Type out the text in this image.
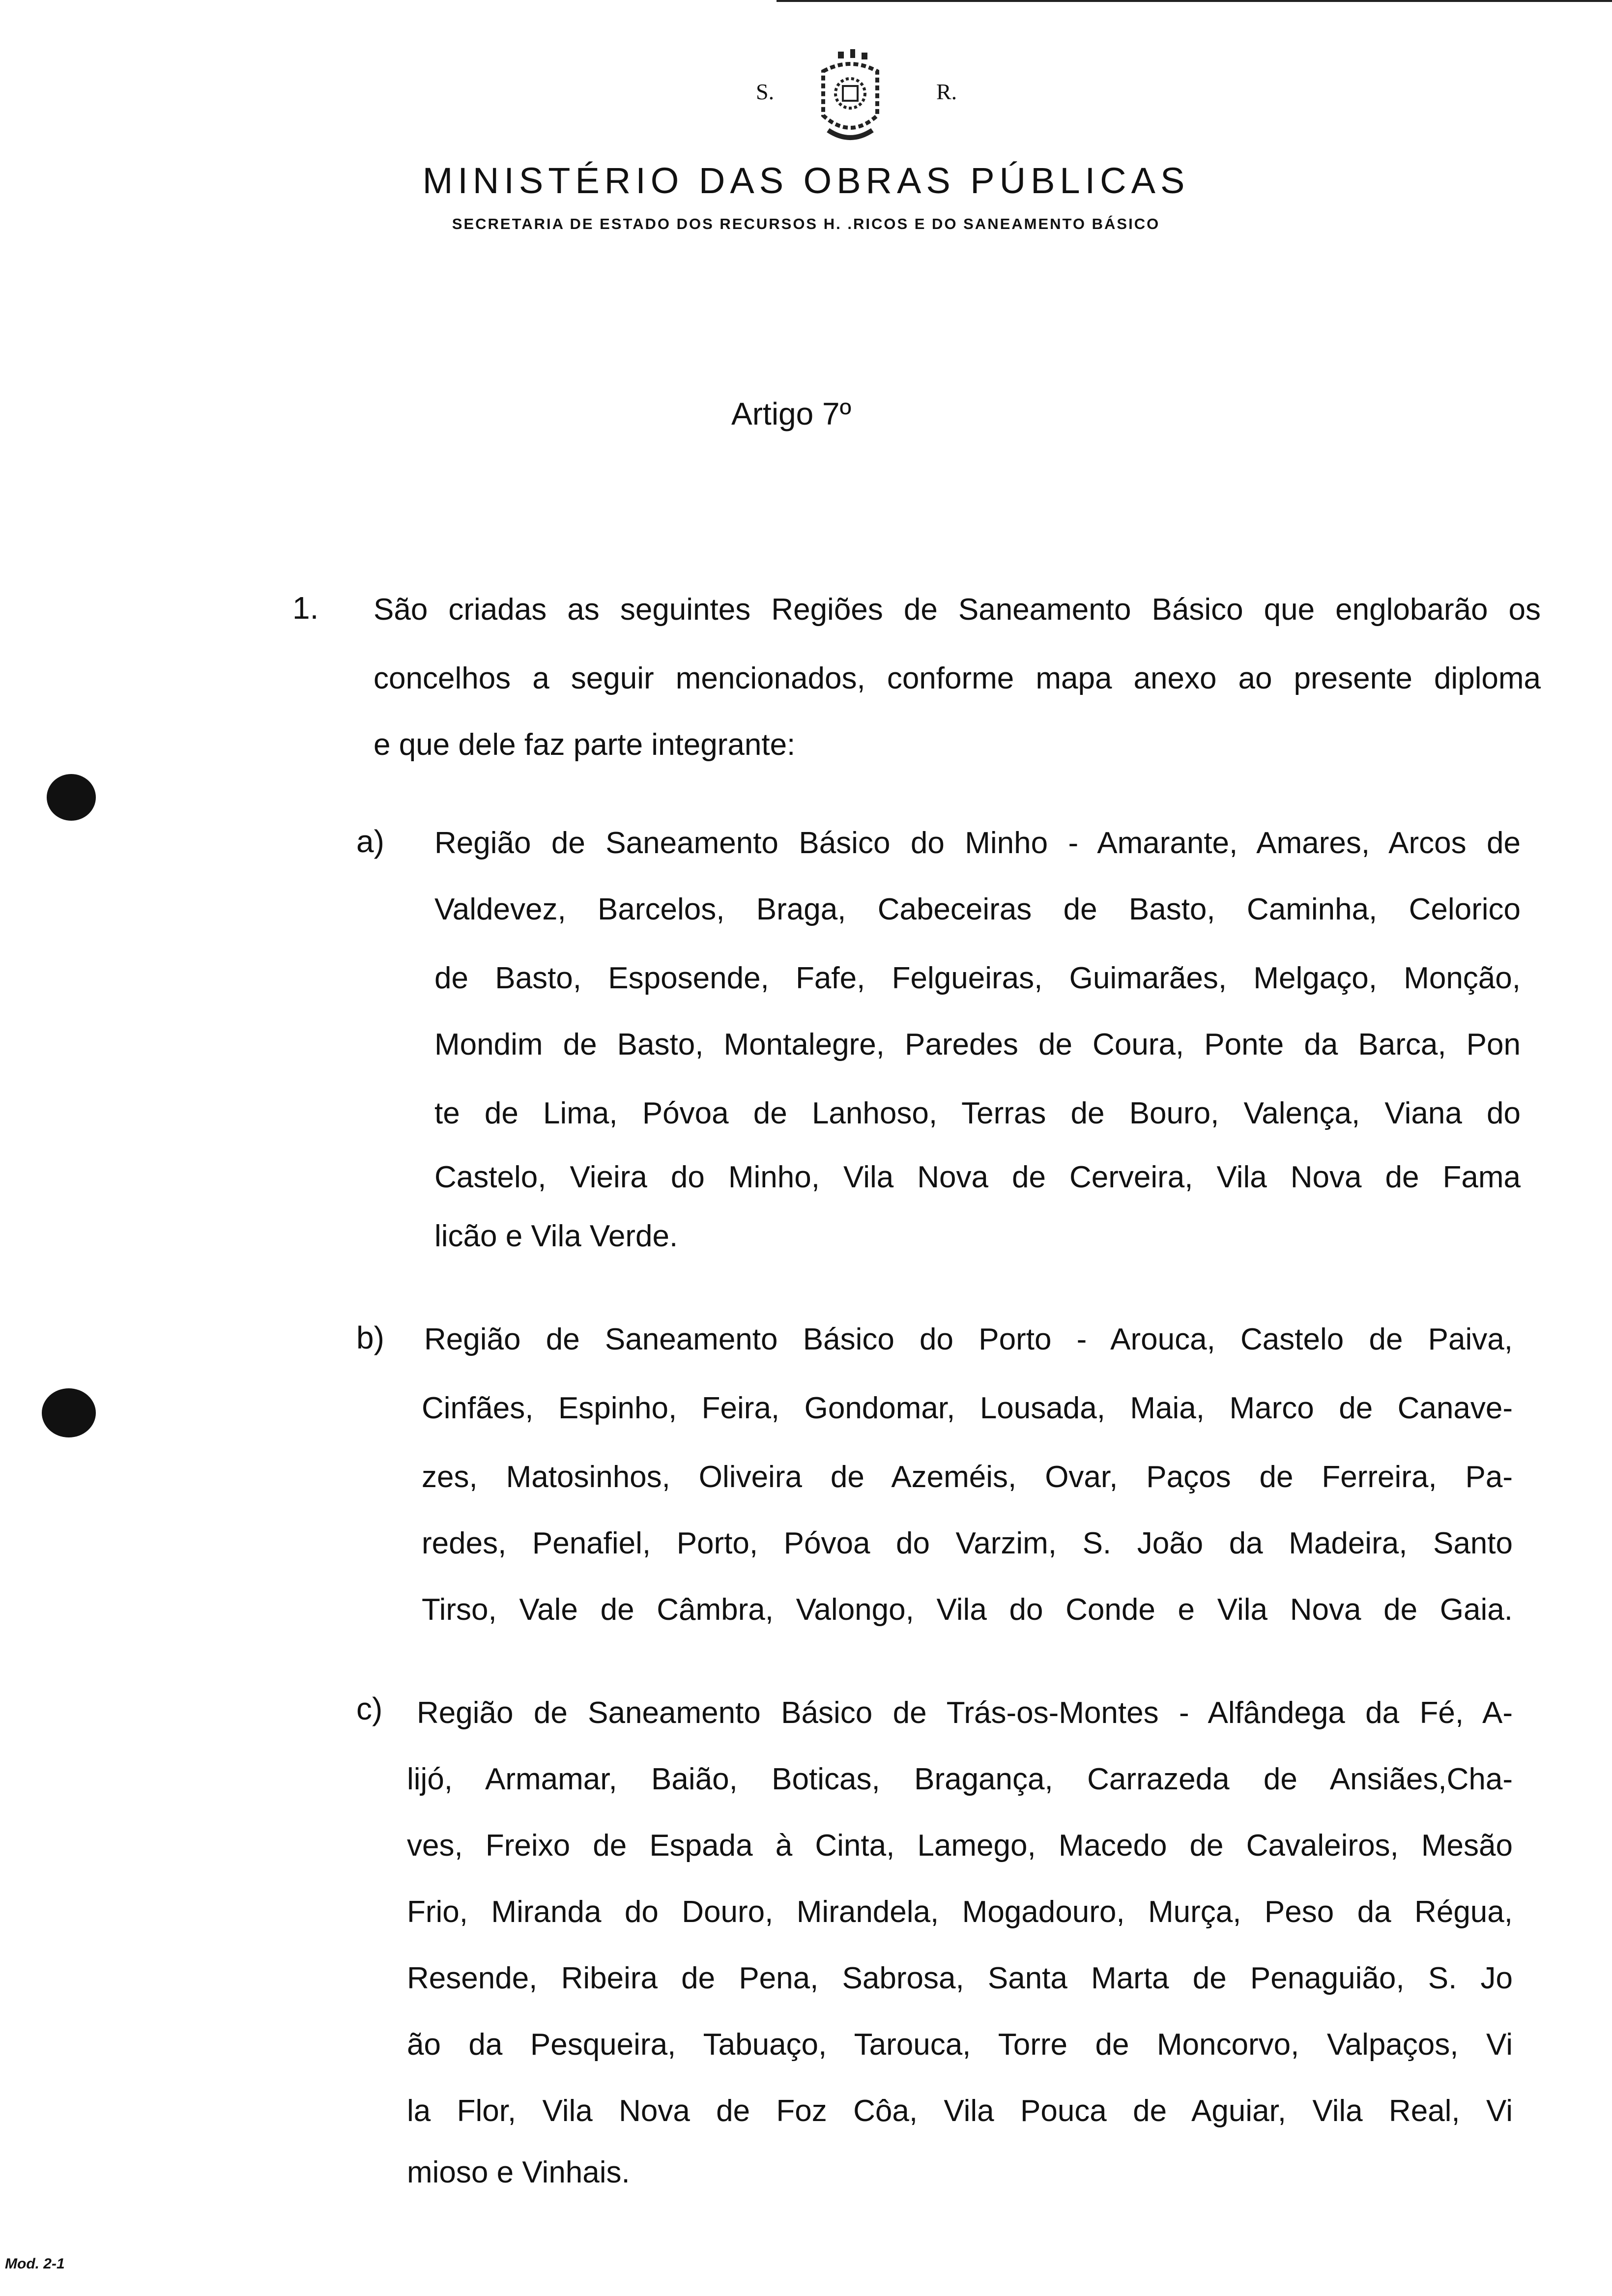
S.	R.
MINISTÉRIO DAS OBRAS PÚBLICAS
SECRETARIA DE ESTADO DOS RECURSOS H. .RICOS E DO SANEAMENTO BÁSICO
Artigo 7º
1. São criadas as seguintes Regiões de Saneamento Básico que englobarão os
concelhos a seguir mencionados, conforme mapa anexo ao presente diploma
e que dele faz parte integrante:
a) Região de Saneamento Básico do Minho - Amarante, Amares, Arcos de
Valdevez, Barcelos, Braga, Cabeceiras de Basto, Caminha, Celorico
de Basto, Esposende, Fafe, Felgueiras, Guimarães, Melgaço, Monção,
Mondim de Basto, Montalegre, Paredes de Coura, Ponte da Barca, Pon
te de Lima, Póvoa de Lanhoso, Terras de Bouro, Valença, Viana do
Castelo, Vieira do Minho, Vila Nova de Cerveira, Vila Nova de Fama
licão e Vila Verde.
b) Região de Saneamento Básico do Porto - Arouca, Castelo de Paiva,
Cinfães, Espinho, Feira, Gondomar, Lousada, Maia, Marco de Canave-
zes, Matosinhos, Oliveira de Azeméis, Ovar, Paços de Ferreira, Pa-
redes, Penafiel, Porto, Póvoa do Varzim, S. João da Madeira, Santo
Tirso, Vale de Câmbra, Valongo, Vila do Conde e Vila Nova de Gaia.
c) Região de Saneamento Básico de Trás-os-Montes - Alfândega da Fé, A-
lijó, Armamar, Baião, Boticas, Bragança, Carrazeda de Ansiães,Cha-
ves, Freixo de Espada à Cinta, Lamego, Macedo de Cavaleiros, Mesão
Frio, Miranda do Douro, Mirandela, Mogadouro, Murça, Peso da Régua,
Resende, Ribeira de Pena, Sabrosa, Santa Marta de Penaguião, S. Jo
ão da Pesqueira, Tabuaço, Tarouca, Torre de Moncorvo, Valpaços, Vi
la Flor, Vila Nova de Foz Côa, Vila Pouca de Aguiar, Vila Real, Vi
mioso e Vinhais.
Mod. 2-1
